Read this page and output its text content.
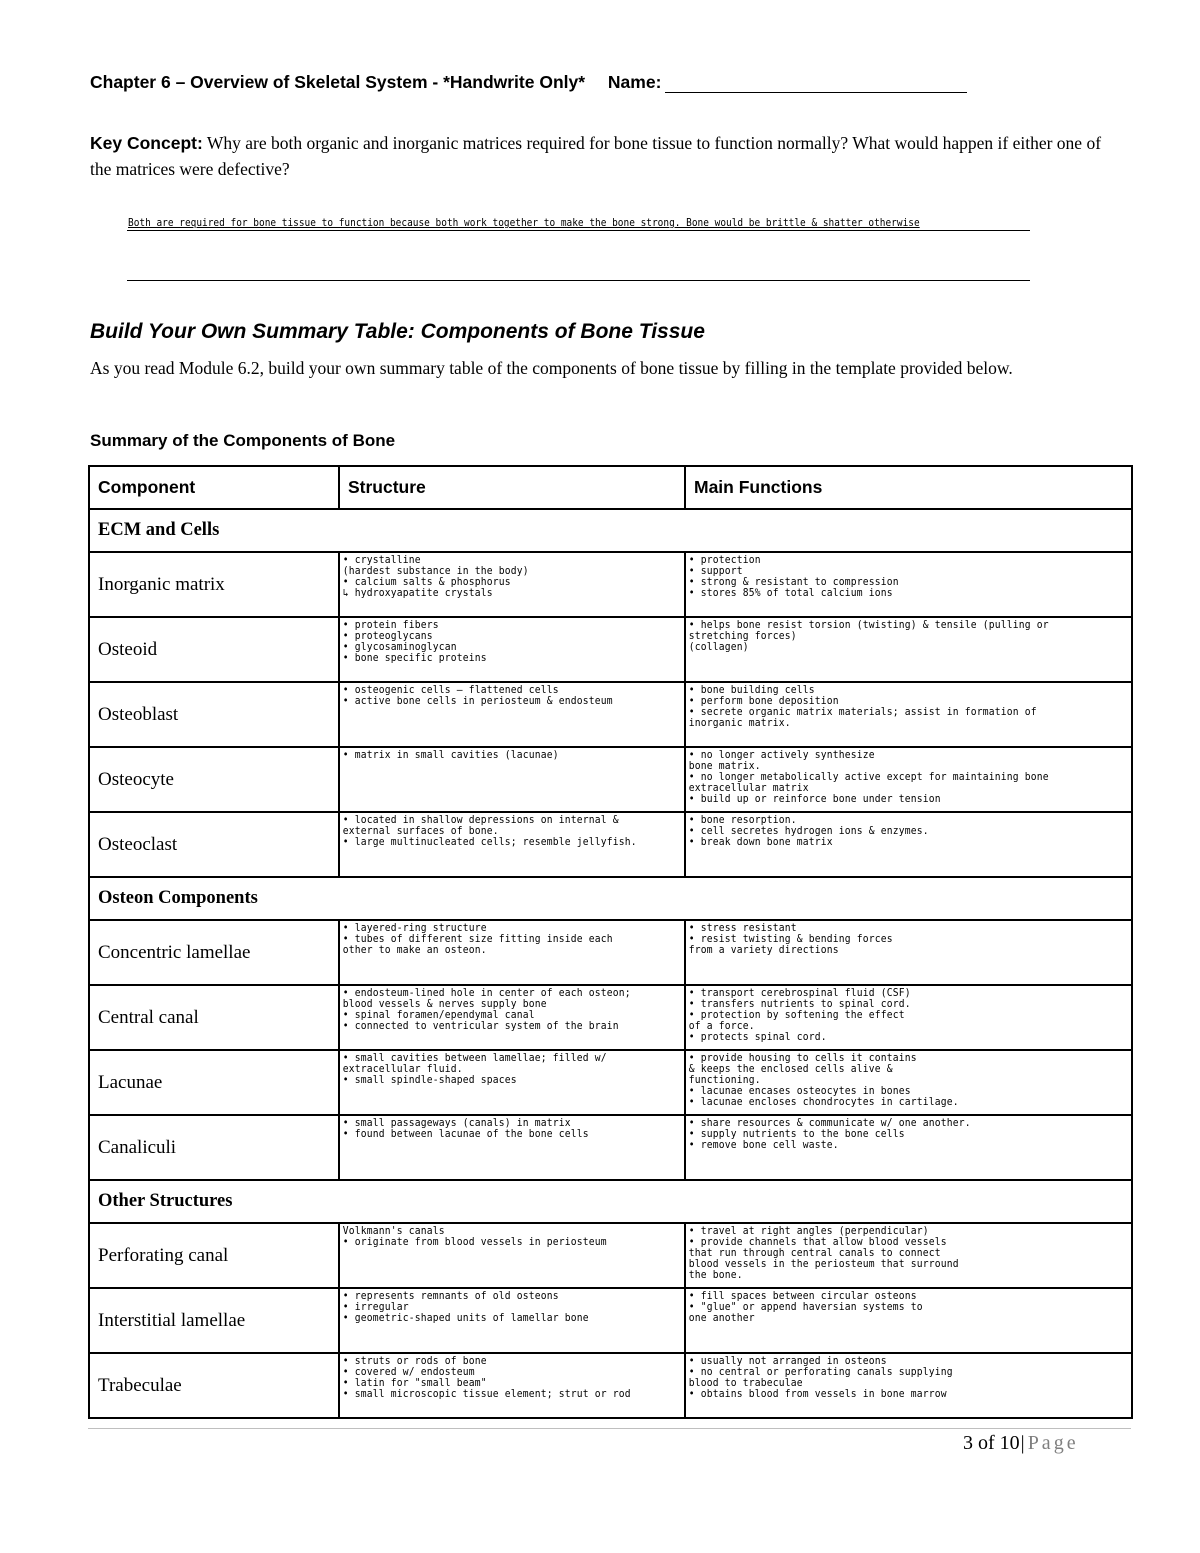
Chapter 6 – Overview of Skeletal System - *Handwrite Only* Name:
Key Concept: Why are both organic and inorganic matrices required for bone tissue to function normally? What would happen if either one of the matrices were defective?
Both are required for bone tissue to function because both work together to make the bone strong. Bone would be brittle & shatter otherwise
Build Your Own Summary Table: Components of Bone Tissue
As you read Module 6.2, build your own summary table of the components of bone tissue by filling in the template provided below.
Summary of the Components of Bone
Component	Structure	Main Functions
ECM and Cells		
Inorganic matrix	• crystalline
(hardest substance in the body)
• calcium salts & phosphorus
↳ hydroxyapatite crystals	• protection
• support
• strong & resistant to compression
• stores 85% of total calcium ions

Osteoid	• protein fibers
• proteoglycans
• glycosaminoglycan
• bone specific proteins	• helps bone resist torsion (twisting) & tensile (pulling or stretching forces)
(collagen)

Osteoblast	• osteogenic cells – flattened cells
• active bone cells in periosteum & endosteum	• bone building cells
• perform bone deposition
• secrete organic matrix materials; assist in formation of inorganic matrix.

Osteocyte	• matrix in small cavities (lacunae)	• no longer actively synthesize
bone matrix.
• no longer metabolically active except for maintaining bone extracellular matrix
• build up or reinforce bone under tension

Osteoclast	• located in shallow depressions on internal & external surfaces of bone.
• large multinucleated cells; resemble jellyfish.	• bone resorption.
• cell secretes hydrogen ions & enzymes.
• break down bone matrix

Osteon Components		
Concentric lamellae	• layered-ring structure
• tubes of different size fitting inside each
other to make an osteon.	• stress resistant
• resist twisting & bending forces
from a variety directions

Central canal	• endosteum-lined hole in center of each osteon;
blood vessels & nerves supply bone
• spinal foramen/ependymal canal
• connected to ventricular system of the brain	• transport cerebrospinal fluid (CSF)
• transfers nutrients to spinal cord.
• protection by softening the effect
of a force.
• protects spinal cord.

Lacunae	• small cavities between lamellae; filled w/ extracellular fluid.
• small spindle-shaped spaces	• provide housing to cells it contains
& keeps the enclosed cells alive &
functioning.
• lacunae encases osteocytes in bones
• lacunae encloses chondrocytes in cartilage.

Canaliculi	• small passageways (canals) in matrix
• found between lacunae of the bone cells	• share resources & communicate w/ one another.
• supply nutrients to the bone cells
• remove bone cell waste.

Other Structures		
Perforating canal	Volkmann's canals
• originate from blood vessels in periosteum	• travel at right angles (perpendicular)
• provide channels that allow blood vessels
that run through central canals to connect
blood vessels in the periosteum that surround
the bone.

Interstitial lamellae	• represents remnants of old osteons
• irregular
• geometric-shaped units of lamellar bone	• fill spaces between circular osteons
• "glue" or append haversian systems to
one another

Trabeculae	• struts or rods of bone
• covered w/ endosteum
• latin for "small beam"
• small microscopic tissue element; strut or rod	• usually not arranged in osteons
• no central or perforating canals supplying
blood to trabeculae
• obtains blood from vessels in bone marrow
3 of 10| Page
